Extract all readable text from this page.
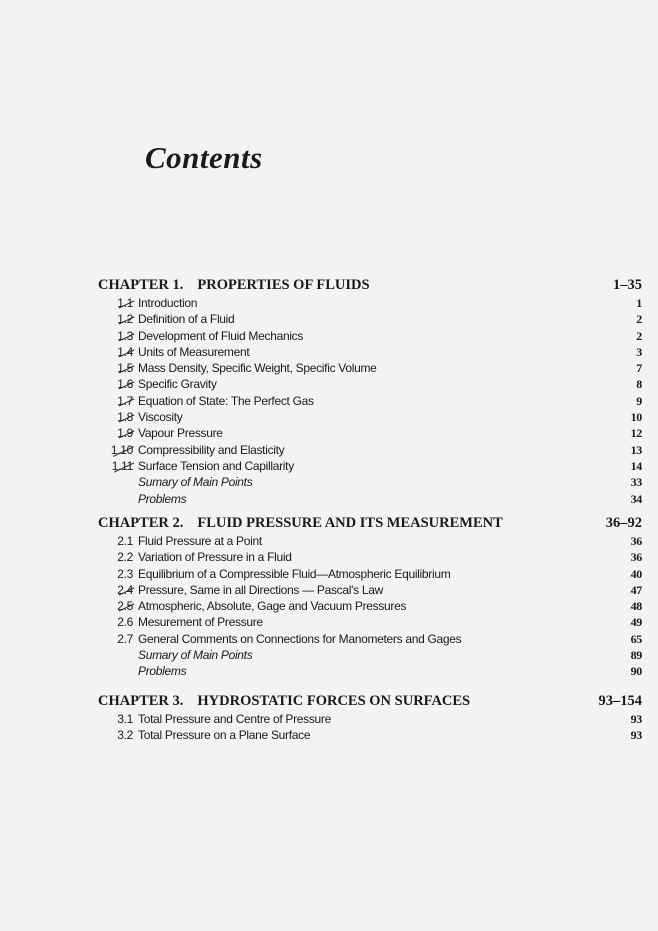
Contents
CHAPTER 1. PROPERTIES OF FLUIDS	1–35
1.1 Introduction	1
1.2 Definition of a Fluid	2
1.3 Development of Fluid Mechanics	2
1.4 Units of Measurement	3
1.5 Mass Density, Specific Weight, Specific Volume	7
1.6 Specific Gravity	8
1.7 Equation of State: The Perfect Gas	9
1.8 Viscosity	10
1.9 Vapour Pressure	12
1.10 Compressibility and Elasticity	13
1.11 Surface Tension and Capillarity	14
Sumary of Main Points	33
Problems	34
CHAPTER 2. FLUID PRESSURE AND ITS MEASUREMENT	36–92
2.1 Fluid Pressure at a Point	36
2.2 Variation of Pressure in a Fluid	36
2.3 Equilibrium of a Compressible Fluid—Atmospheric Equilibrium	40
2.4 Pressure, Same in all Directions — Pascal's Law	47
2.5 Atmospheric, Absolute, Gage and Vacuum Pressures	48
2.6 Mesurement of Pressure	49
2.7 General Comments on Connections for Manometers and Gages	65
Sumary of Main Points	89
Problems	90
CHAPTER 3. HYDROSTATIC FORCES ON SURFACES	93–154
3.1 Total Pressure and Centre of Pressure	93
3.2 Total Pressure on a Plane Surface	93
